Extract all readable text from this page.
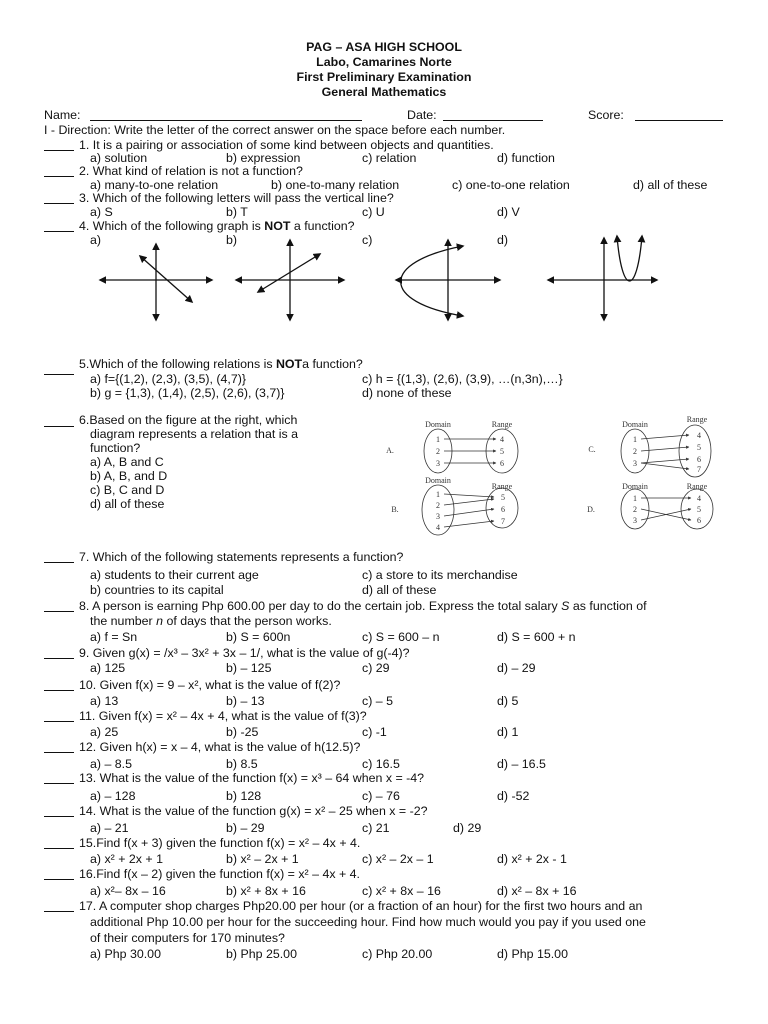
PAG – ASA HIGH SCHOOL
Labo, Camarines Norte
First Preliminary Examination
General Mathematics
Name:	Date:	Score:
I - Direction: Write the letter of the correct answer on the space before each number.
1. It is a pairing or association of some kind between objects and quantities.
a) solution	b) expression	c) relation	d) function
2. What kind of relation is not a function?
a) many-to-one relation	b) one-to-many relation	c) one-to-one relation	d) all of these
3. Which of the following letters will pass the vertical line?
a) S	b) T	c) U	d) V
4. Which of the following graph is NOT a function?
a)	b)	c)	d)
5.Which of the following relations is NOTa function?
a) f={(1,2), (2,3), (3,5), (4,7)}	c) h = {(1,3), (2,6), (3,9), …(n,3n),…}
b) g = {1,3), (1,4), (2,5), (2,6), (3,7)}	d) none of these
6.Based on the figure at the right, which
diagram represents a relation that is a
function?
a) A, B and C
b) A, B, and D
c) B, C and D
d) all of these
A.
Domain	Range
1
2
3
4
5
6
C.
Domain
Range
1
2
3
4
5
6
7
B.
Domain
Range
1
2
3
4
5
6
7
D.
Domain	Range
1
2
3
4
5
6
7. Which of the following statements represents a function?
a) students to their current age	c) a store to its merchandise
b) countries to its capital	d) all of these
8. A person is earning Php 600.00 per day to do the certain job. Express the total salary S as function of
the number n of days that the person works.
a) f = Sn	b) S = 600n	c) S = 600 – n	d) S = 600 + n
9. Given g(x) = /x³ – 3x² + 3x – 1/, what is the value of g(-4)?
a) 125	b) – 125	c) 29	d) – 29
10. Given f(x) = 9 – x², what is the value of f(2)?
a) 13	b) – 13	c) – 5	d) 5
11. Given f(x) = x² – 4x + 4, what is the value of f(3)?
a) 25	b) -25	c) -1	d) 1
12. Given h(x) = x – 4, what is the value of h(12.5)?
a) – 8.5	b) 8.5	c) 16.5	d) – 16.5
13. What is the value of the function f(x) = x³ – 64 when x = -4?
a) – 128	b) 128	c) – 76	d) -52
14. What is the value of the function g(x) = x² – 25 when x = -2?
a) – 21	b) – 29	c) 21	d) 29
15.Find f(x + 3) given the function f(x) = x² – 4x + 4.
a) x² + 2x + 1	b) x² – 2x + 1	c) x² – 2x – 1	d) x² + 2x - 1
16.Find f(x – 2) given the function f(x) = x² – 4x + 4.
a) x²– 8x – 16	b) x² + 8x + 16	c) x² + 8x – 16	d) x² – 8x + 16
17. A computer shop charges Php20.00 per hour (or a fraction of an hour) for the first two hours and an
additional Php 10.00 per hour for the succeeding hour. Find how much would you pay if you used one
of their computers for 170 minutes?
a) Php 30.00	b) Php 25.00	c) Php 20.00	d) Php 15.00
